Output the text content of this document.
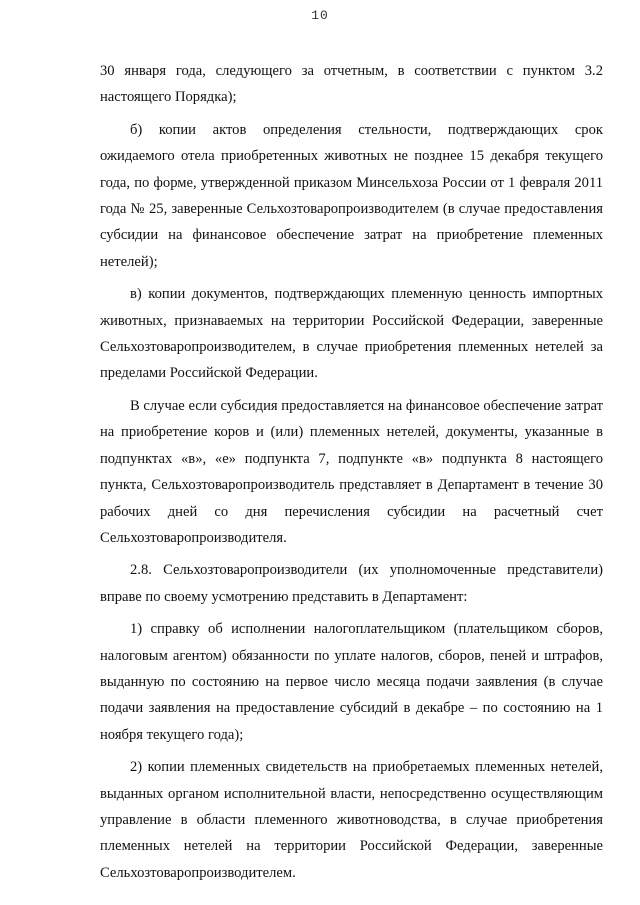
10

30 января года, следующего за отчетным, в соответствии с пунктом 3.2 настоящего Порядка);

б) копии актов определения стельности, подтверждающих срок ожидаемого отела приобретенных животных не позднее 15 декабря текущего года, по форме, утвержденной приказом Минсельхоза России от 1 февраля 2011 года № 25, заверенные Сельхозтоваропроизводителем (в случае предоставления субсидии на финансовое обеспечение затрат на приобретение племенных нетелей);

в) копии документов, подтверждающих племенную ценность импортных животных, признаваемых на территории Российской Федерации, заверенные Сельхозтоваропроизводителем, в случае приобретения племенных нетелей за пределами Российской Федерации.

В случае если субсидия предоставляется на финансовое обеспечение затрат на приобретение коров и (или) племенных нетелей, документы, указанные в подпунктах «в», «е» подпункта 7, подпункте «в» подпункта 8 настоящего пункта, Сельхозтоваропроизводитель представляет в Департамент в течение 30 рабочих дней со дня перечисления субсидии на расчетный счет Сельхозтоваропроизводителя.

2.8. Сельхозтоваропроизводители (их уполномоченные представители) вправе по своему усмотрению представить в Департамент:

1) справку об исполнении налогоплательщиком (плательщиком сборов, налоговым агентом) обязанности по уплате налогов, сборов, пеней и штрафов, выданную по состоянию на первое число месяца подачи заявления (в случае подачи заявления на предоставление субсидий в декабре – по состоянию на 1 ноября текущего года);

2) копии племенных свидетельств на приобретаемых племенных нетелей, выданных органом исполнительной власти, непосредственно осуществляющим управление в области племенного животноводства, в случае приобретения племенных нетелей на территории Российской Федерации, заверенные Сельхозтоваропроизводителем.
